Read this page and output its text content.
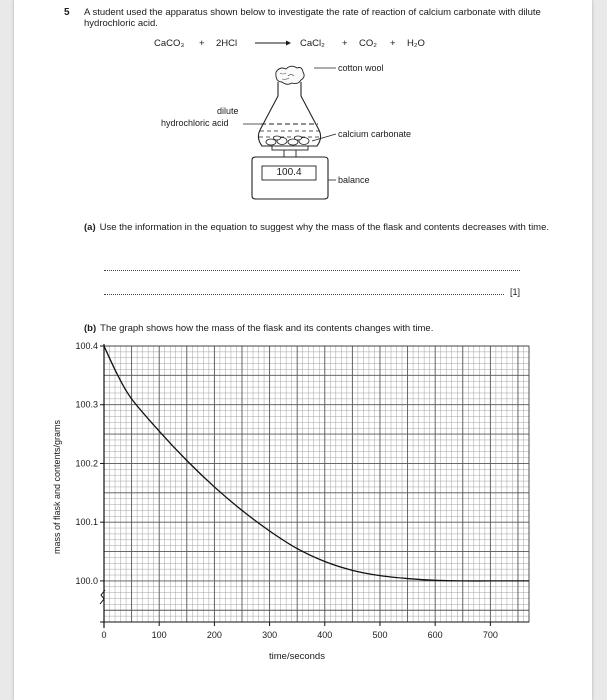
5 A student used the apparatus shown below to investigate the rate of reaction of calcium carbonate with dilute hydrochloric acid.
CaCO₃ + 2HCl	CaCl₂ + CO₂ + H₂O
cotton wool
dilute
hydrochloric acid
calcium carbonate
balance
100.4
(a) Use the information in the equation to suggest why the mass of the flask and contents decreases with time.
[1]
(b) The graph shows how the mass of the flask and its contents changes with time.
0	100	200	300	400	500	600	700
100.0
100.1
100.2
100.3
100.4
time/seconds
mass of flask and contents/grams
